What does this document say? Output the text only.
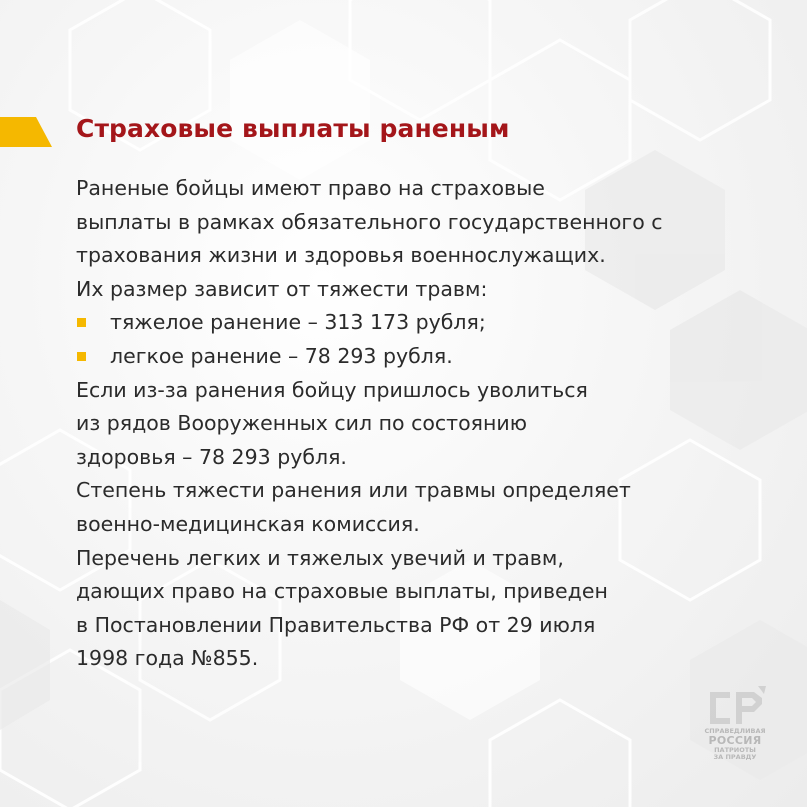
Страховые выплаты раненым
Раненые бойцы имеют право на страховые
выплаты в рамках обязательного государственного с
трахования жизни и здоровья военнослужащих.
Их размер зависит от тяжести травм:
тяжелое ранение – 313 173 рубля;
легкое ранение – 78 293 рубля.
Если из-за ранения бойцу пришлось уволиться
из рядов Вооруженных сил по состоянию
здоровья – 78 293 рубля.
Степень тяжести ранения или травмы определяет
военно-медицинская комиссия.
Перечень легких и тяжелых увечий и травм,
дающих право на страховые выплаты, приведен
в Постановлении Правительства РФ от 29 июля
1998 года №855.
СПРАВЕДЛИВАЯ
РОССИЯ
ПАТРИОТЫ
ЗА ПРАВДУ
